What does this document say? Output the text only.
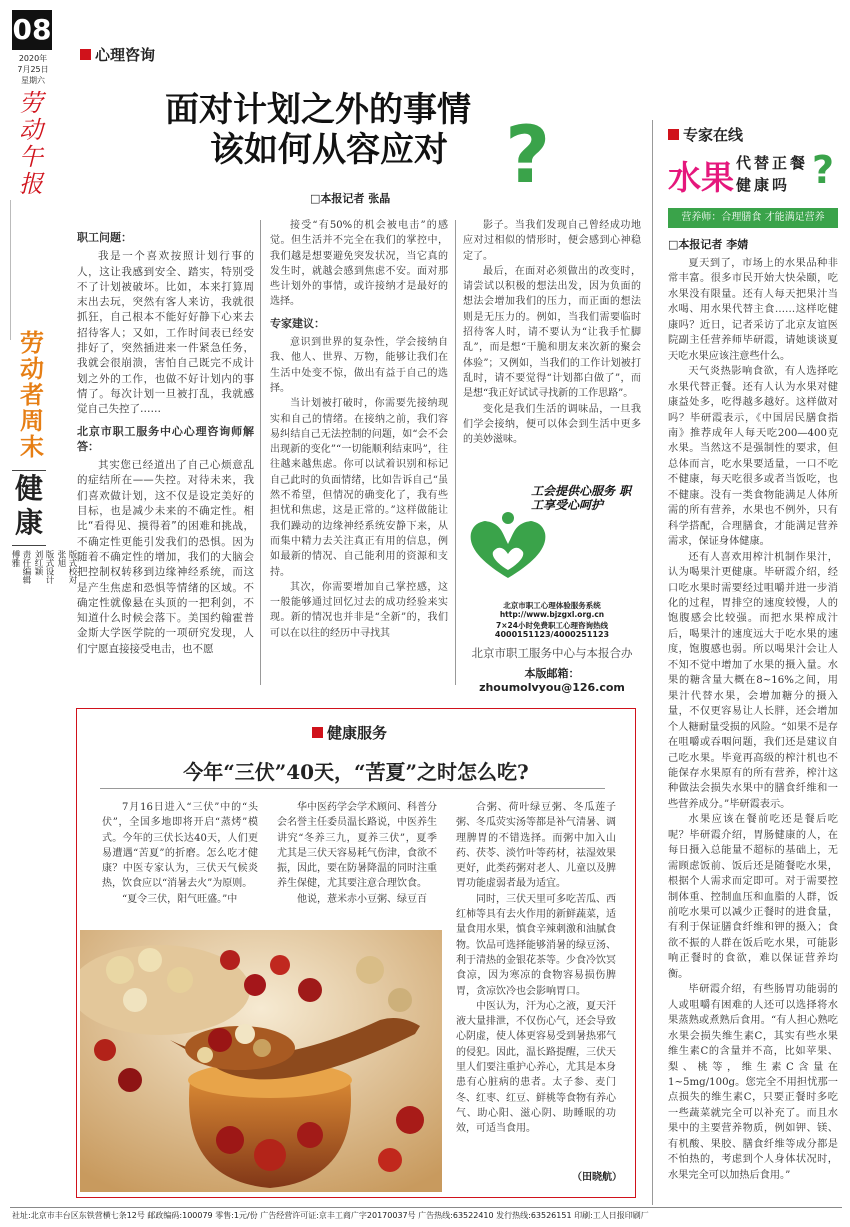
08
2020年
7月25日
星期六
劳动午报
劳动者周末
健康
版式校对
张旭
版式设计
刘红颖
责任编辑
傅雅
心理咨询
面对计划之外的事情
该如何从容应对 ?
□本报记者 张晶
职工问题：
我是一个喜欢按照计划行事的人，这让我感到安全、踏实，特别受不了计划被破坏。比如，本来打算周末出去玩，突然有客人来访，我就很抓狂，自己根本不能好好静下心来去招待客人；又如，工作时间表已经安排好了，突然插进来一件紧急任务，我就会很崩溃，害怕自己既完不成计划之外的工作，也做不好计划内的事情了。每次计划一旦被打乱，我就感觉自己失控了……
北京市职工服务中心心理咨询师解答：
其实您已经道出了自己心烦意乱的症结所在——失控。对待未来，我们喜欢做计划，这不仅是设定美好的目标，也是减少未来的不确定性。相比“看得见、摸得着”的困难和挑战，不确定性更能引发我们的恐惧。因为随着不确定性的增加，我们的大脑会把控制权转移到边缘神经系统，而这是产生焦虑和恐惧等情绪的区域。不确定性就像悬在头顶的一把利剑，不知道什么时候会落下。美国约翰霍普金斯大学医学院的一项研究发现，人们宁愿直接接受电击，也不愿
接受“有50%的机会被电击”的感觉。但生活并不完全在我们的掌控中，我们越是想要避免突发状况，当它真的发生时，就越会感到焦虑不安。面对那些计划外的事情，或许接纳才是最好的选择。
专家建议：
意识到世界的复杂性，学会接纳自我、他人、世界、万物，能够让我们在生活中处变不惊，做出有益于自己的选择。
当计划被打破时，你需要先接纳现实和自己的情绪。在接纳之前，我们容易纠结自己无法控制的问题，如“会不会出现新的变化”“一切能顺利结束吗”，往往越来越焦虑。你可以试着识别和标记自己此时的负面情绪，比如告诉自己“虽然不希望，但情况的确变化了，我有些担忧和焦虑，这是正常的。”这样做能让我们躁动的边缘神经系统安静下来，从而集中精力去关注真正有用的信息，例如最新的情况、自己能利用的资源和支持。
其次，你需要增加自己掌控感，这一般能够通过回忆过去的成功经验来实现。新的情况也并非是“全新”的，我们可以在以往的经历中寻找其
影子。当我们发现自己曾经成功地应对过相似的情形时，便会感到心神稳定了。
最后，在面对必须做出的改变时，请尝试以积极的想法出发，因为负面的想法会增加我们的压力，而正面的想法则是无压力的。例如，当我们需要临时招待客人时，请不要认为“让我手忙脚乱”，而是想“干脆和朋友来次新的聚会体验”；又例如，当我们的工作计划被打乱时，请不要觉得“计划都白做了”，而是想“我正好试试寻找新的工作思路”。
变化是我们生活的调味品，一旦我们学会接纳，便可以体会到生活中更多的美妙滋味。
工会提供心服务 职工享受心呵护
北京市职工心理体验服务系统
http://www.bjzgxl.org.cn
7×24小时免费职工心理咨询热线
4000151123/4000251123
北京市职工服务中心与本报合办
本版邮箱：zhoumolvyou@126.com
专家在线
水果 代替正餐
健康吗 ?
营养师：合理膳食 才能满足营养
□本报记者 李婧
夏天到了，市场上的水果品种非常丰富。很多市民开始大快朵颐，吃水果没有限量。还有人每天把果汁当水喝、用水果代替主食……这样吃健康吗？近日，记者采访了北京友谊医院副主任营养师毕研霞，请她谈谈夏天吃水果应该注意些什么。
天气炎热影响食欲，有人选择吃水果代替正餐。还有人认为水果对健康益处多，吃得越多越好。这样做对吗？毕研霞表示，《中国居民膳食指南》推荐成年人每天吃200—400克水果。当然这不是强制性的要求，但总体而言，吃水果要适量，一口不吃不健康，每天吃很多或者当饭吃，也不健康。没有一类食物能满足人体所需的所有营养，水果也不例外，只有科学搭配，合理膳食，才能满足营养需求，保证身体健康。
还有人喜欢用榨汁机制作果汁，认为喝果汁更健康。毕研霞介绍，经口吃水果时需要经过咀嚼并进一步消化的过程，胃排空的速度较慢，人的饱腹感会比较强。而把水果榨成汁后，喝果汁的速度远大于吃水果的速度，饱腹感也弱。所以喝果汁会让人不知不觉中增加了水果的摄入量。水果的糖含量大概在8~16%之间，用果汁代替水果，会增加糖分的摄入量，不仅更容易让人长胖，还会增加个人糖耐量受损的风险。“如果不是存在咀嚼或吞咽问题，我们还是建议自己吃水果。毕竟再高级的榨汁机也不能保存水果原有的所有营养，榨汁这种做法会损失水果中的膳食纤维和一些营养成分。”毕研霞表示。
水果应该在餐前吃还是餐后吃呢？毕研霞介绍，胃肠健康的人，在每日摄入总能量不超标的基础上，无需顾虑饭前、饭后还是随餐吃水果，根据个人需求而定即可。对于需要控制体重、控制血压和血脂的人群，饭前吃水果可以减少正餐时的进食量，有利于保证膳食纤维和钾的摄入；食欲不振的人群在饭后吃水果，可能影响正餐时的食欲，难以保证营养均衡。
毕研霞介绍，有些肠胃功能弱的人或咀嚼有困难的人还可以选择将水果蒸熟或煮熟后食用。“有人担心熟吃水果会损失维生素C，其实有些水果维生素C的含量并不高，比如苹果、梨、桃等，维生素C含量在1~5mg/100g。您完全不用担忧那一点损失的维生素C，只要正餐时多吃一些蔬菜就完全可以补充了。而且水果中的主要营养物质，例如钾、镁、有机酸、果胶、膳食纤维等成分都是不怕热的，考虑到个人身体状况时，水果完全可以加热后食用。”
健康服务
今年“三伏”40天，“苦夏”之时怎么吃?
7月16日进入“三伏”中的“头伏”，全国多地即将开启“蒸烤”模式。今年的三伏长达40天，人们更易遭遇“苦夏”的折磨。怎么吃才健康？中医专家认为，三伏天气候炎热，饮食应以“消暑去火”为原则。
“夏令三伏，阳气旺盛。”中
华中医药学会学术顾问、科普分会名誉主任委员温长路说，中医养生讲究“冬养三九，夏养三伏”，夏季尤其是三伏天容易耗气伤津，食欲不振，因此，要在防暑降温的同时注重养生保健，尤其要注意合理饮食。
他说，薏米赤小豆粥、绿豆百
合粥、荷叶绿豆粥、冬瓜莲子粥、冬瓜荧实汤等都是补气清暑、调理脾胃的不错选择。而粥中加入山药、茯苓、淡竹叶等药材，祛湿效果更好，此类药粥对老人、儿童以及脾胃功能虚弱者最为适宜。
同时，三伏天里可多吃苦瓜、西红柿等具有去火作用的新鲜蔬菜，适量食用水果，慎食辛辣刺激和油腻食物。饮品可选择能够消暑的绿豆汤、利于清热的金银花茶等。少食冷饮冥食凉，因为寒凉的食物容易损伤脾胃，贪凉饮冷也会影响胃口。
中医认为，汗为心之液，夏天汗液大量排泄，不仅伤心气，还会导致心阴虚，使人体更容易受到暑热邪气的侵犯。因此，温长路提醒，三伏天里人们要注重护心养心，尤其是本身患有心脏病的患者。太子参、麦门冬、红枣、红豆、鲜桃等食物有养心气、助心阳、滋心阴、助睡眠的功效，可适当食用。
（田晓航）
社址:北京市丰台区东铁营横七条12号 邮政编码:100079 零售:1元/份 广告经营许可证:京丰工商广字20170037号 广告热线:63522410 发行热线:63526151 印刷:工人日报印刷厂
